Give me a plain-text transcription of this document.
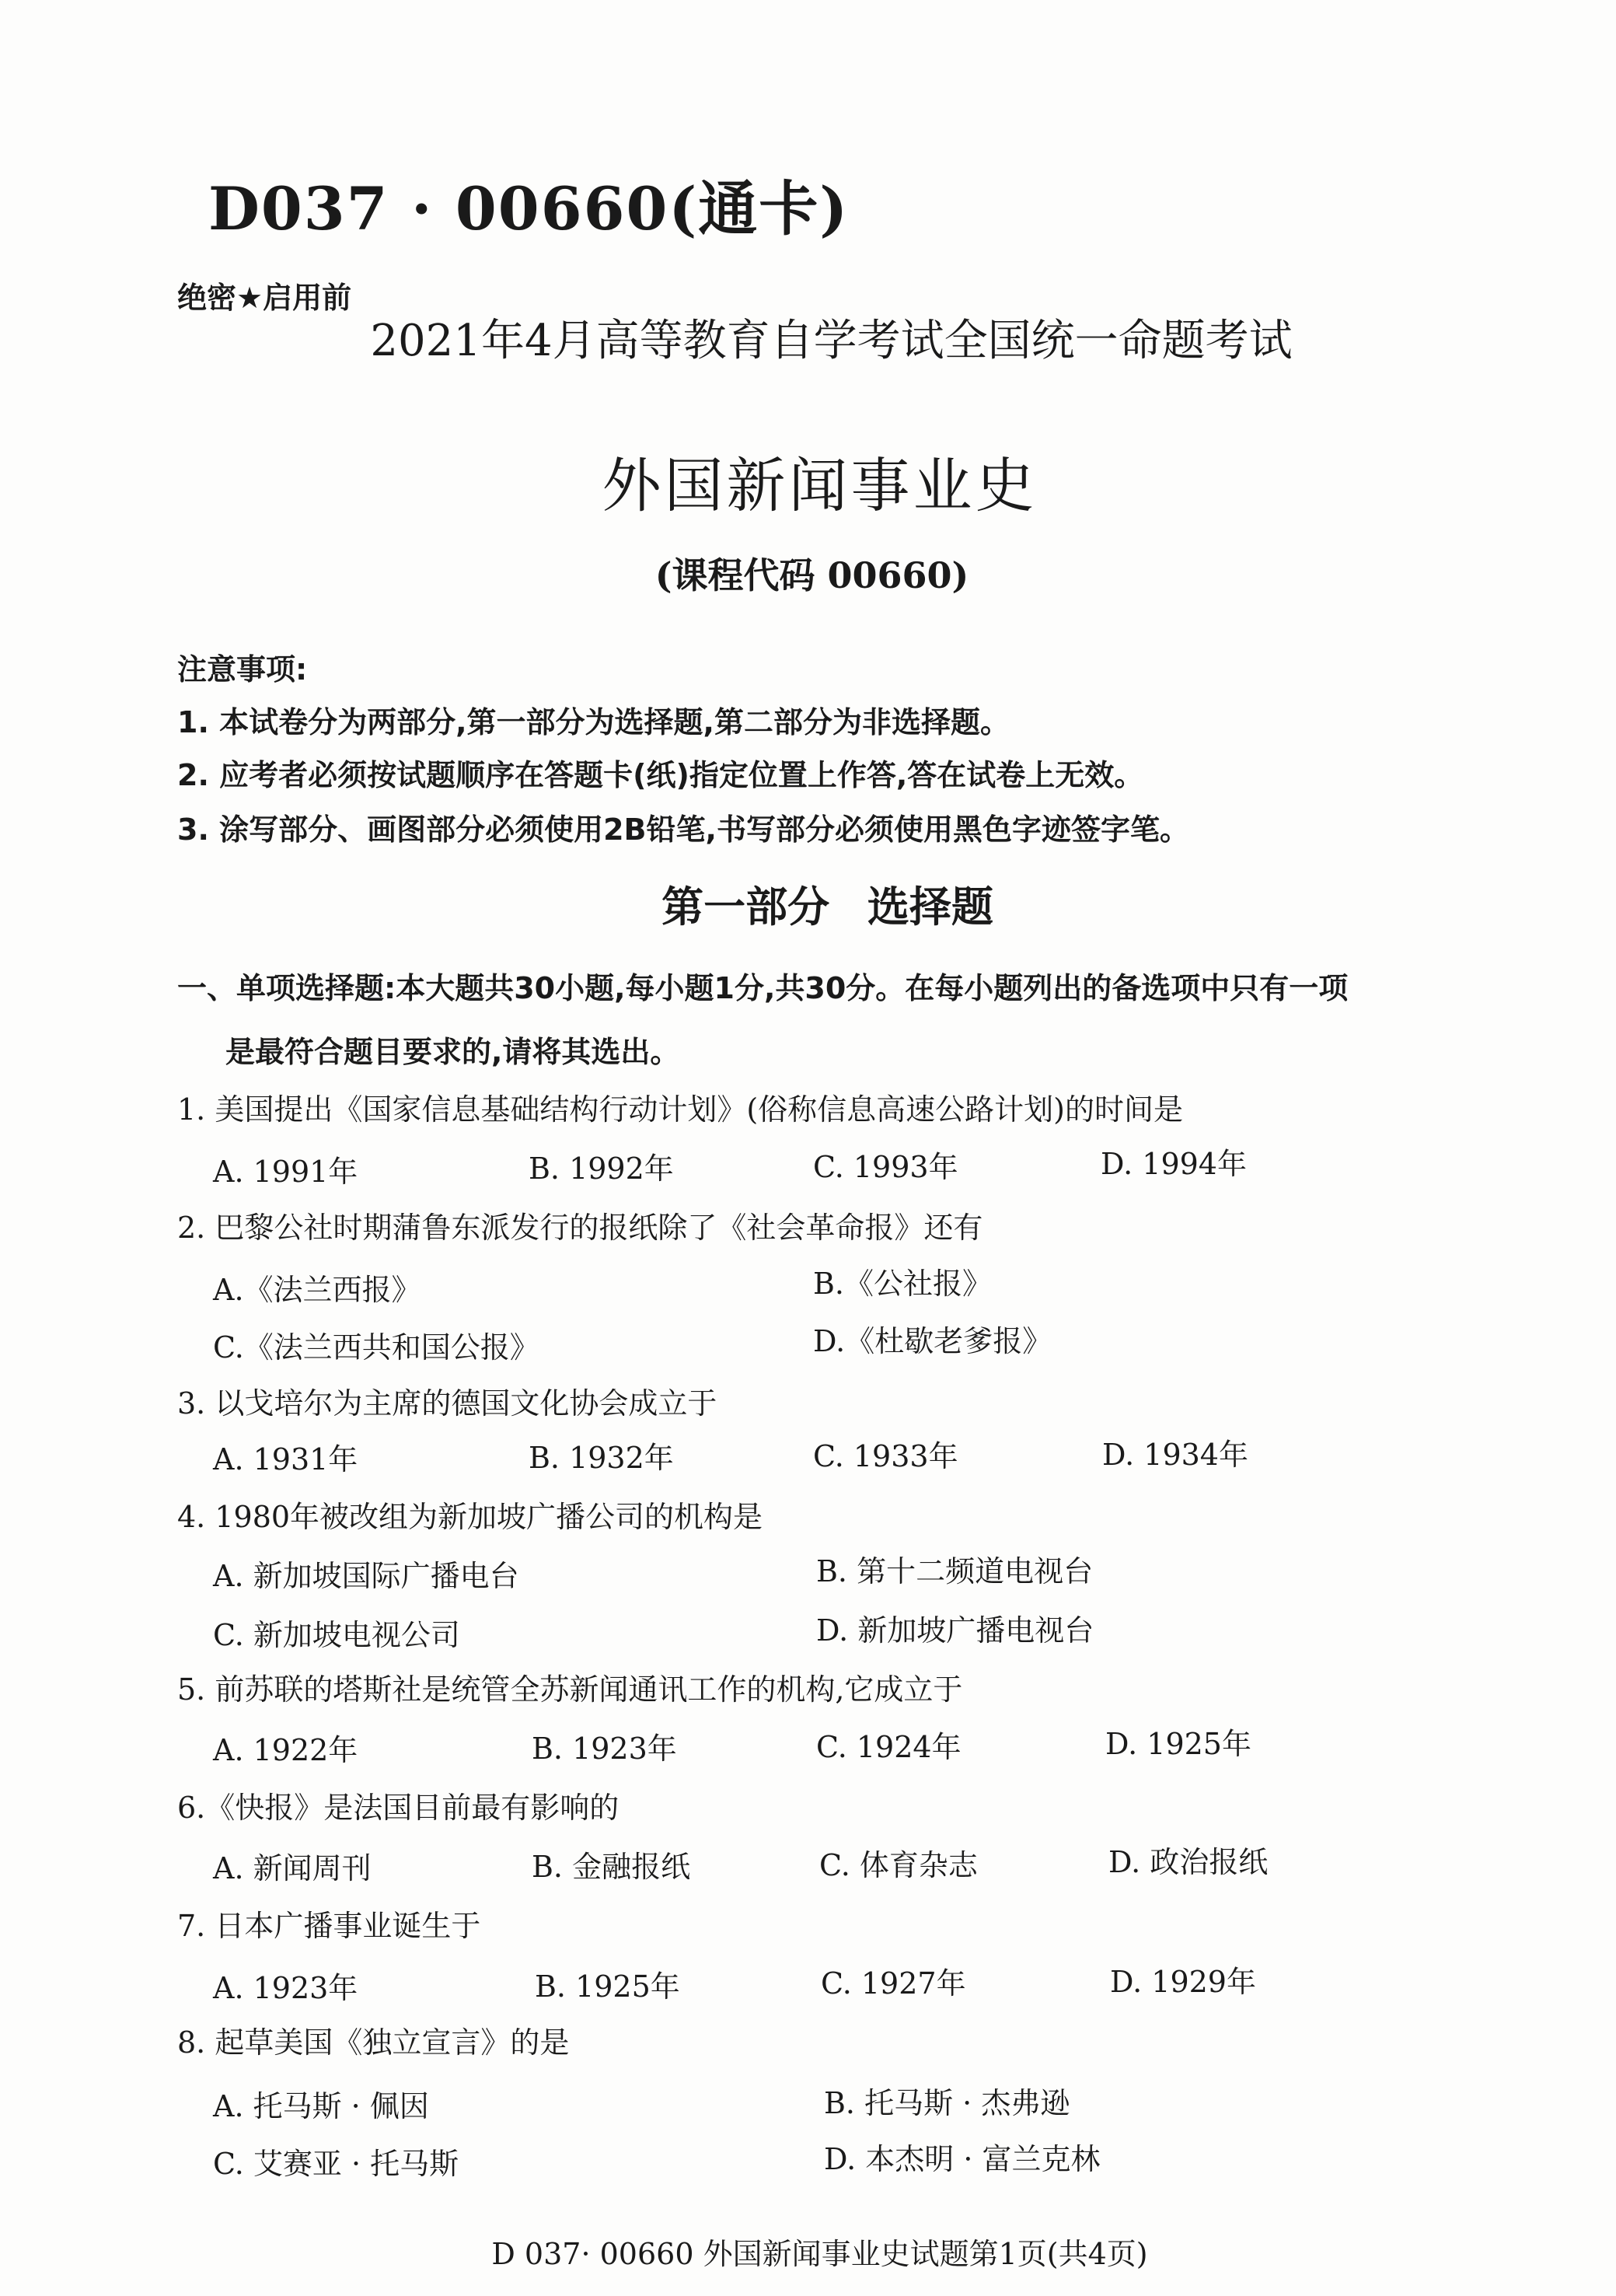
D037 · 00660(通卡)
绝密★启用前
2021年4月高等教育自学考试全国统一命题考试
外国新闻事业史
(课程代码 00660)
注意事项:
1. 本试卷分为两部分,第一部分为选择题,第二部分为非选择题。
2. 应考者必须按试题顺序在答题卡(纸)指定位置上作答,答在试卷上无效。
3. 涂写部分、画图部分必须使用2B铅笔,书写部分必须使用黑色字迹签字笔。
第一部分 选择题
一、单项选择题:本大题共30小题,每小题1分,共30分。在每小题列出的备选项中只有一项
是最符合题目要求的,请将其选出。
1. 美国提出《国家信息基础结构行动计划》(俗称信息高速公路计划)的时间是
A. 1991年	B. 1992年	C. 1993年	D. 1994年
2. 巴黎公社时期蒲鲁东派发行的报纸除了《社会革命报》还有
A.《法兰西报》	B.《公社报》
C.《法兰西共和国公报》	D.《杜歇老爹报》
3. 以戈培尔为主席的德国文化协会成立于
A. 1931年	B. 1932年	C. 1933年	D. 1934年
4. 1980年被改组为新加坡广播公司的机构是
A. 新加坡国际广播电台	B. 第十二频道电视台
C. 新加坡电视公司	D. 新加坡广播电视台
5. 前苏联的塔斯社是统管全苏新闻通讯工作的机构,它成立于
A. 1922年	B. 1923年	C. 1924年	D. 1925年
6.《快报》是法国目前最有影响的
A. 新闻周刊	B. 金融报纸	C. 体育杂志	D. 政治报纸
7. 日本广播事业诞生于
A. 1923年	B. 1925年	C. 1927年	D. 1929年
8. 起草美国《独立宣言》的是
A. 托马斯 · 佩因	B. 托马斯 · 杰弗逊
C. 艾赛亚 · 托马斯	D. 本杰明 · 富兰克林
D 037· 00660 外国新闻事业史试题第1页(共4页)
